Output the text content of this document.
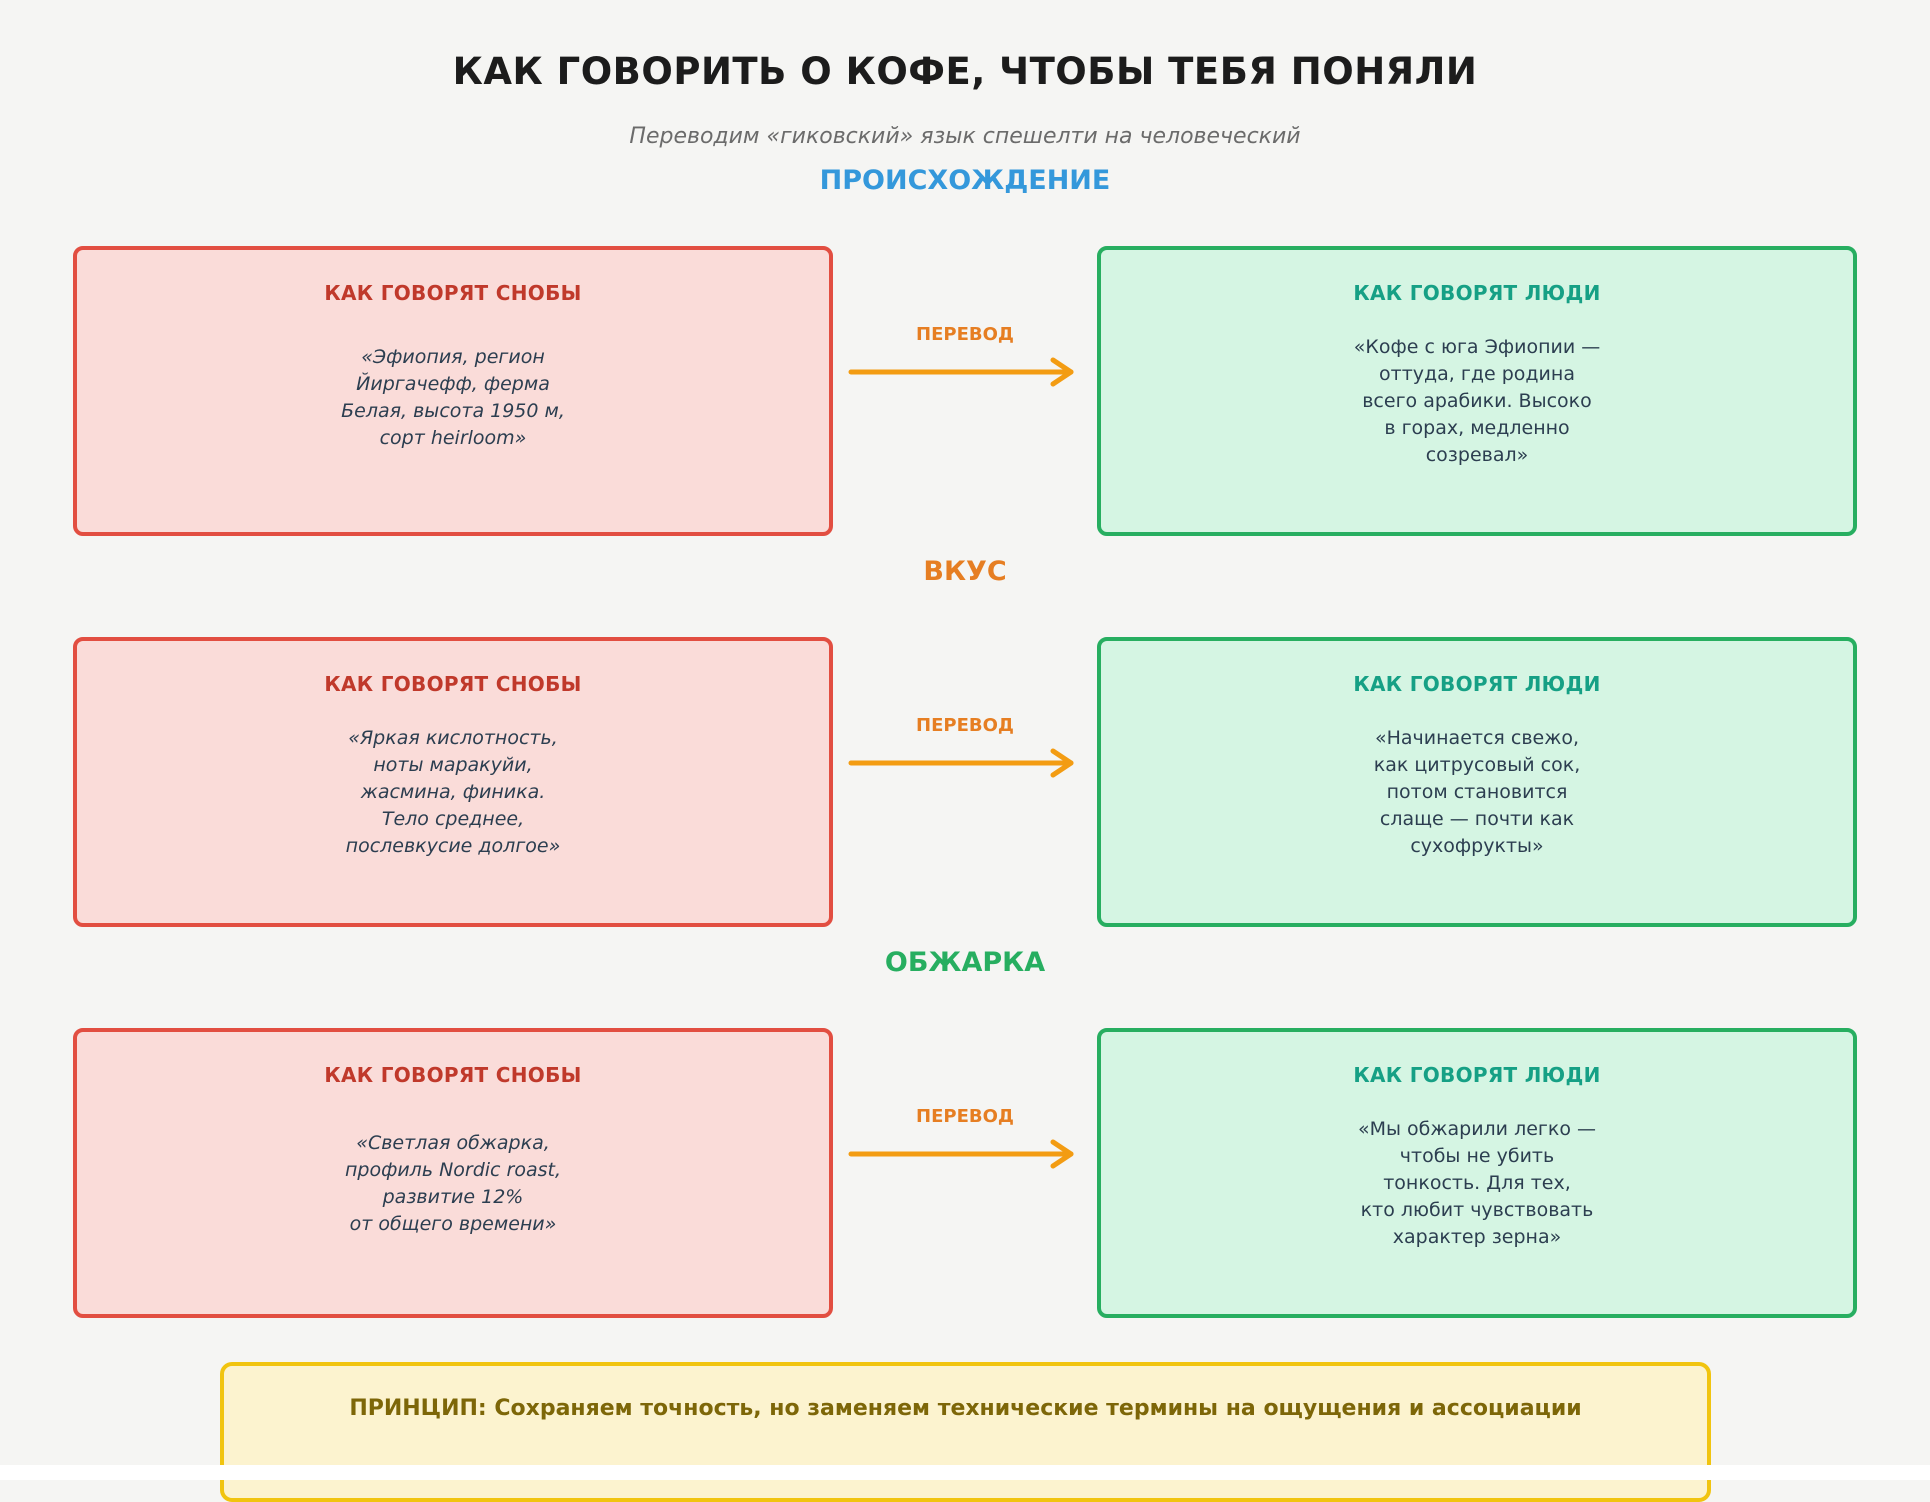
КАК ГОВОРИТЬ О КОФЕ, ЧТОБЫ ТЕБЯ ПОНЯЛИ
Переводим «гиковский» язык спешелти на человеческий
ПРОИСХОЖДЕНИЕ
КАК ГОВОРЯТ СНОБЫ
«Эфиопия, регион
Йиргачефф, ферма
Белая, высота 1950 м,
сорт heirloom»
ПЕРЕВОД
КАК ГОВОРЯТ ЛЮДИ
«Кофе с юга Эфиопии —
оттуда, где родина
всего арабики. Высоко
в горах, медленно
созревал»
ВКУС
КАК ГОВОРЯТ СНОБЫ
«Яркая кислотность,
ноты маракуйи,
жасмина, финика.
Тело среднее,
послевкусие долгое»
ПЕРЕВОД
КАК ГОВОРЯТ ЛЮДИ
«Начинается свежо,
как цитрусовый сок,
потом становится
слаще — почти как
сухофрукты»
ОБЖАРКА
КАК ГОВОРЯТ СНОБЫ
«Светлая обжарка,
профиль Nordic roast,
развитие 12%
от общего времени»
ПЕРЕВОД
КАК ГОВОРЯТ ЛЮДИ
«Мы обжарили легко —
чтобы не убить
тонкость. Для тех,
кто любит чувствовать
характер зерна»
ПРИНЦИП: Сохраняем точность, но заменяем технические термины на ощущения и ассоциации
